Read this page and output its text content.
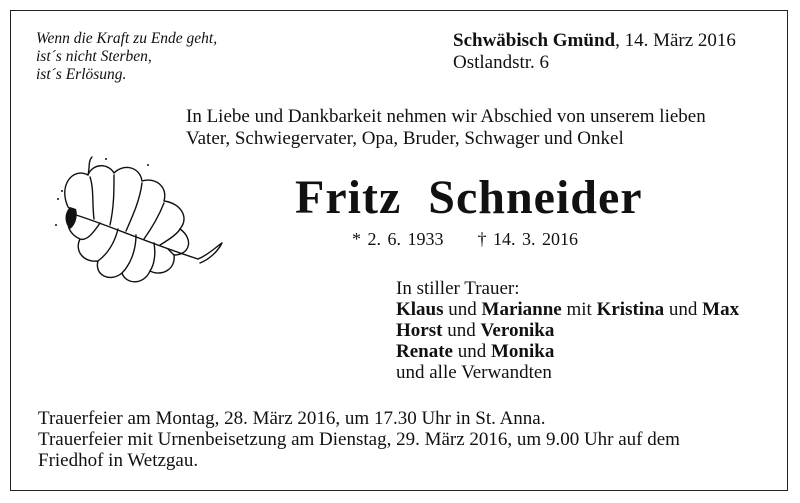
Wenn die Kraft zu Ende geht,
ist´s nicht Sterben,
ist´s Erlösung.
Schwäbisch Gmünd, 14. März 2016
Ostlandstr. 6
In Liebe und Dankbarkeit nehmen wir Abschied von unserem lieben
Vater, Schwiegervater, Opa, Bruder, Schwager und Onkel
Fritz Schneider
* 2. 6. 1933 † 14. 3. 2016
In stiller Trauer:
Klaus und Marianne mit Kristina und Max
Horst und Veronika
Renate und Monika
und alle Verwandten
Trauerfeier am Montag, 28. März 2016, um 17.30 Uhr in St. Anna.
Trauerfeier mit Urnenbeisetzung am Dienstag, 29. März 2016, um 9.00 Uhr auf dem
Friedhof in Wetzgau.
